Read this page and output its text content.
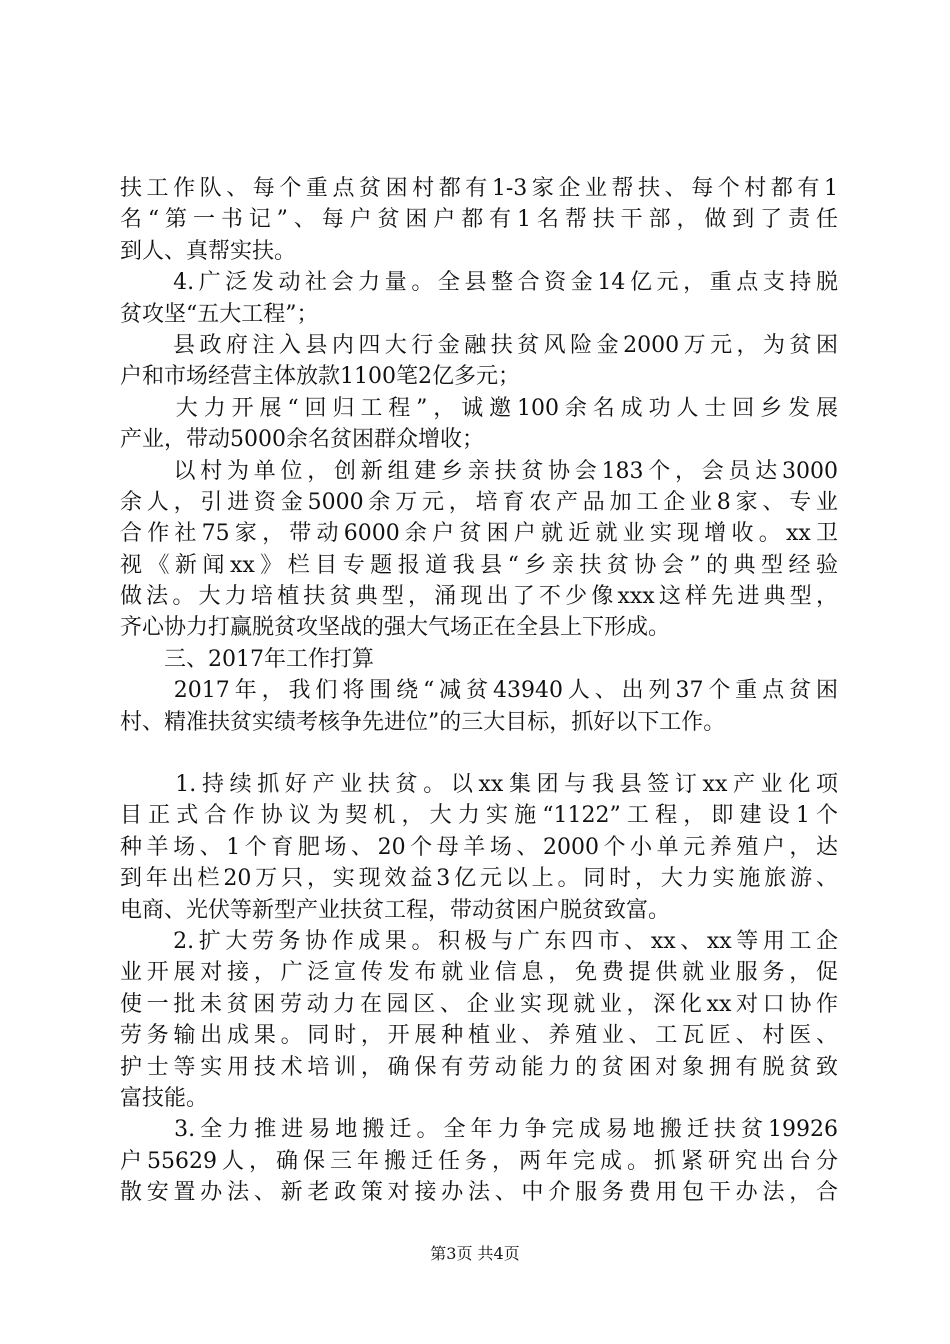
扶工作队、每个重点贫困村都有1-3家企业帮扶、每个村都有1
名“第一书记”、每户贫困户都有1名帮扶干部，做到了责任
到人、真帮实扶。
　　4.广泛发动社会力量。全县整合资金14亿元，重点支持脱
贫攻坚“五大工程”；
　　县政府注入县内四大行金融扶贫风险金2000万元，为贫困
户和市场经营主体放款1100笔2亿多元；
　　大力开展“回归工程”，诚邀100余名成功人士回乡发展
产业，带动5000余名贫困群众增收；
　　以村为单位，创新组建乡亲扶贫协会183个，会员达3000
余人，引进资金5000余万元，培育农产品加工企业8家、专业
合作社75家，带动6000余户贫困户就近就业实现增收。xx卫
视《新闻xx》栏目专题报道我县“乡亲扶贫协会”的典型经验
做法。大力培植扶贫典型，涌现出了不少像xxx这样先进典型，
齐心协力打赢脱贫攻坚战的强大气场正在全县上下形成。
　　三、2017年工作打算
　　2017年，我们将围绕“减贫43940人、出列37个重点贫困
村、精准扶贫实绩考核争先进位”的三大目标，抓好以下工作。
　　1.持续抓好产业扶贫。以xx集团与我县签订xx产业化项
目正式合作协议为契机，大力实施“1122”工程，即建设1个
种羊场、1个育肥场、20个母羊场、2000个小单元养殖户，达
到年出栏20万只，实现效益3亿元以上。同时，大力实施旅游、
电商、光伏等新型产业扶贫工程，带动贫困户脱贫致富。
　　2.扩大劳务协作成果。积极与广东四市、xx、xx等用工企
业开展对接，广泛宣传发布就业信息，免费提供就业服务，促
使一批未贫困劳动力在园区、企业实现就业，深化xx对口协作
劳务输出成果。同时，开展种植业、养殖业、工瓦匠、村医、
护士等实用技术培训，确保有劳动能力的贫困对象拥有脱贫致
富技能。
　　3.全力推进易地搬迁。全年力争完成易地搬迁扶贫19926
户55629人，确保三年搬迁任务，两年完成。抓紧研究出台分
散安置办法、新老政策对接办法、中介服务费用包干办法，合
第3页 共4页
